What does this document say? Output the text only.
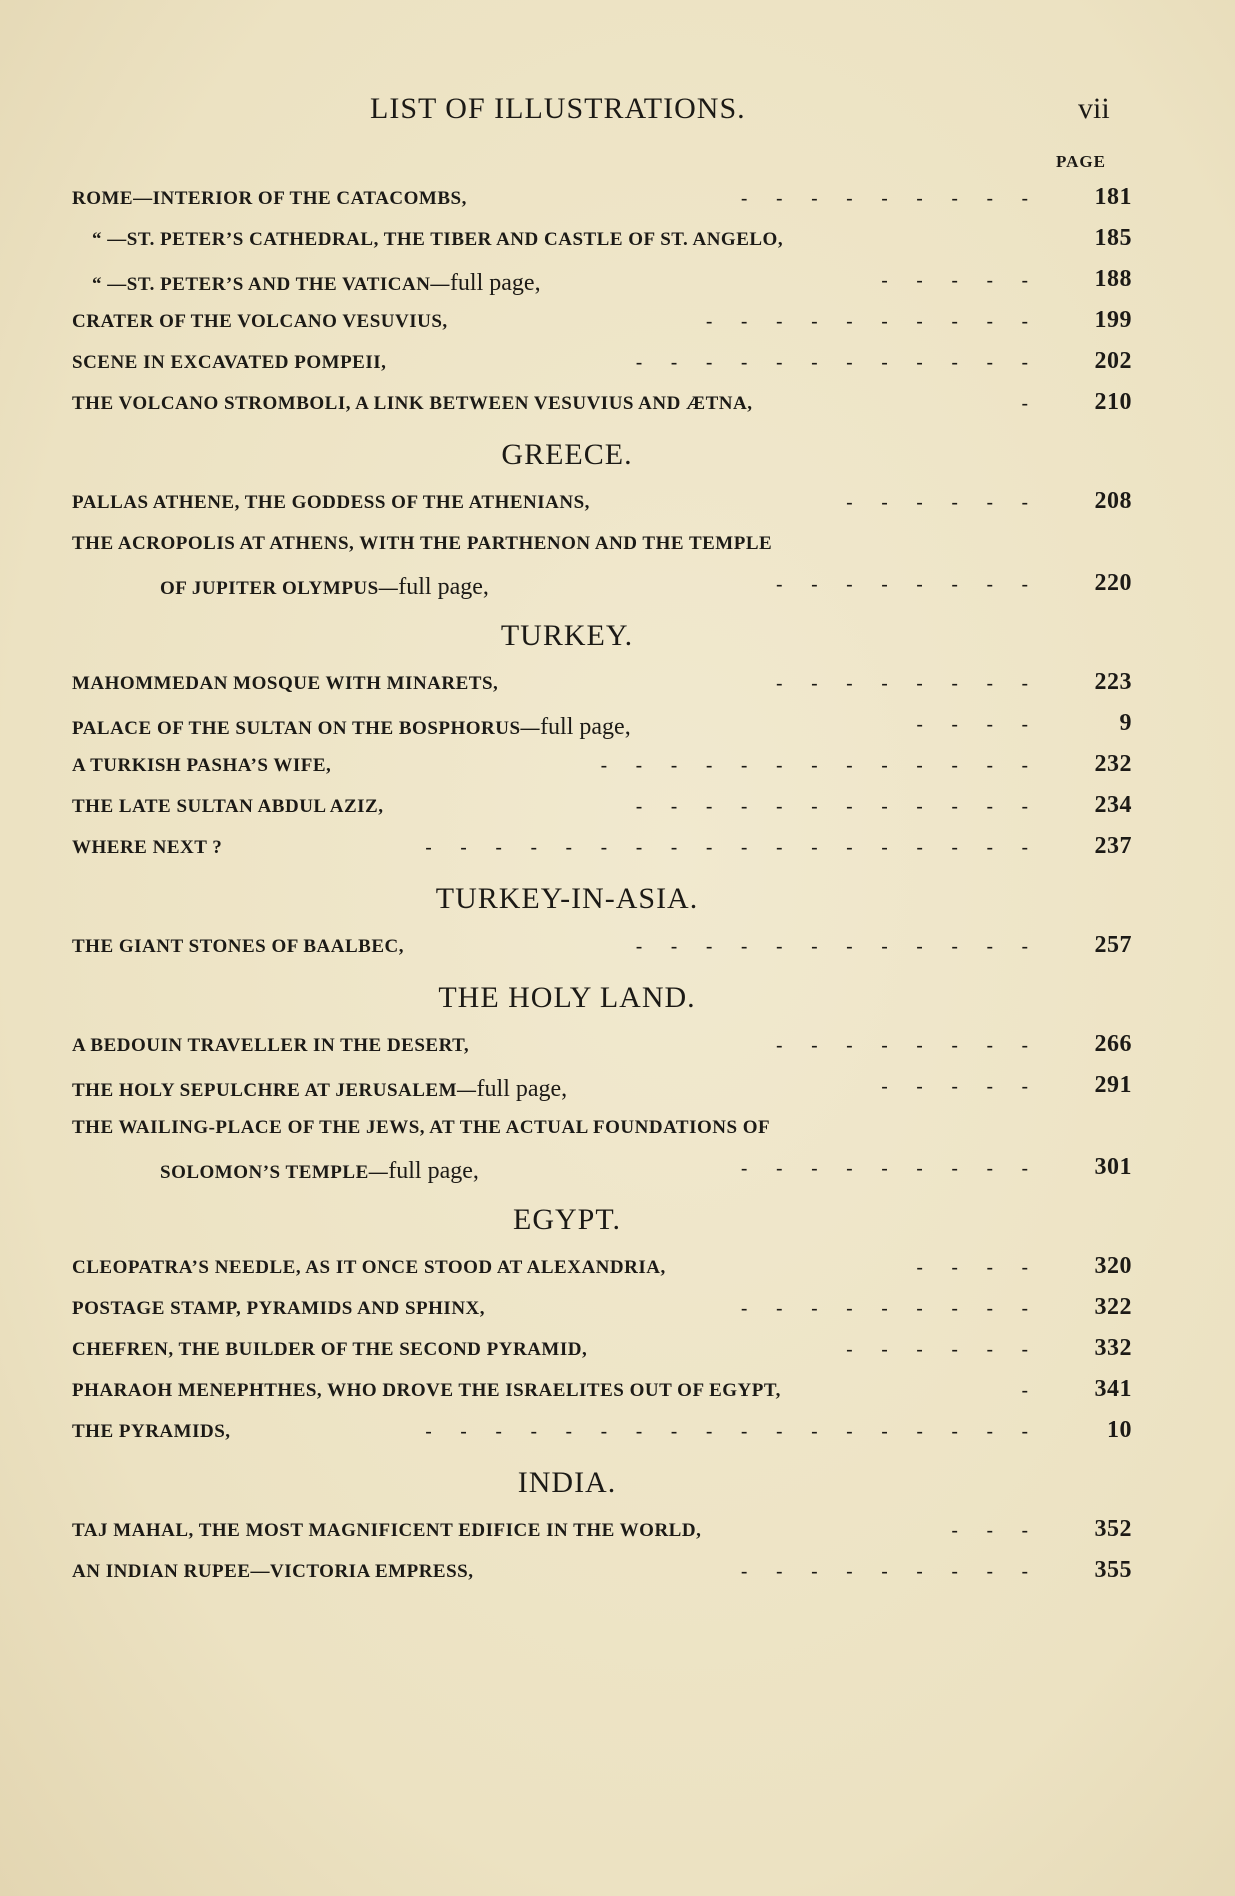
LIST OF ILLUSTRATIONS.	vii
PAGE
ROME—INTERIOR OF THE CATACOMBS,	- - - - - - - - -	181
“ —ST. PETER’S CATHEDRAL, THE TIBER AND CASTLE OF ST. ANGELO,	185
“ —ST. PETER’S AND THE VATICAN—full page,	- - - - -	188
CRATER OF THE VOLCANO VESUVIUS,	- - - - - - - - - -	199
SCENE IN EXCAVATED POMPEII,	- - - - - - - - - - - -	202
THE VOLCANO STROMBOLI, A LINK BETWEEN VESUVIUS AND ÆTNA,	-	210
GREECE.
PALLAS ATHENE, THE GODDESS OF THE ATHENIANS,	- - - - - -	208
THE ACROPOLIS AT ATHENS, WITH THE PARTHENON AND THE TEMPLE
OF JUPITER OLYMPUS—full page,	- - - - - - - -	220
TURKEY.
MAHOMMEDAN MOSQUE WITH MINARETS,	- - - - - - - -	223
PALACE OF THE SULTAN ON THE BOSPHORUS—full page,	- - - -	9
A TURKISH PASHA’S WIFE,	- - - - - - - - - - - - -	232
THE LATE SULTAN ABDUL AZIZ,	- - - - - - - - - - - -	234
WHERE NEXT ?	- - - - - - - - - - - - - - - - - -	237
TURKEY-IN-ASIA.
THE GIANT STONES OF BAALBEC,	- - - - - - - - - - - -	257
THE HOLY LAND.
A BEDOUIN TRAVELLER IN THE DESERT,	- - - - - - - -	266
THE HOLY SEPULCHRE AT JERUSALEM—full page,	- - - - -	291
THE WAILING-PLACE OF THE JEWS, AT THE ACTUAL FOUNDATIONS OF
SOLOMON’S TEMPLE—full page,	- - - - - - - - -	301
EGYPT.
CLEOPATRA’S NEEDLE, AS IT ONCE STOOD AT ALEXANDRIA,	- - - -	320
POSTAGE STAMP, PYRAMIDS AND SPHINX,	- - - - - - - - -	322
CHEFREN, THE BUILDER OF THE SECOND PYRAMID,	- - - - - -	332
PHARAOH MENEPHTHES, WHO DROVE THE ISRAELITES OUT OF EGYPT,	-	341
THE PYRAMIDS,	- - - - - - - - - - - - - - - - - -	10
INDIA.
TAJ MAHAL, THE MOST MAGNIFICENT EDIFICE IN THE WORLD,	- - -	352
AN INDIAN RUPEE—VICTORIA EMPRESS,	- - - - - - - - -	355
